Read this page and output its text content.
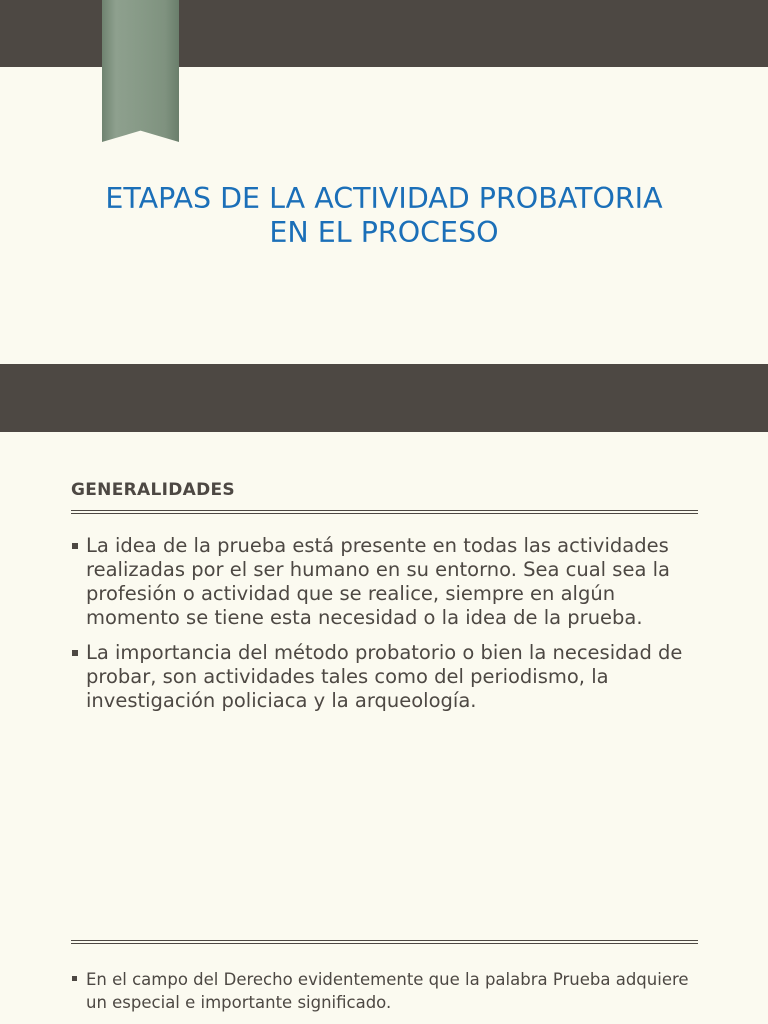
ETAPAS DE LA ACTIVIDAD PROBATORIA
EN EL PROCESO
GENERALIDADES
La idea de la prueba está presente en todas las actividades realizadas por el ser humano en su entorno. Sea cual sea la profesión o actividad que se realice, siempre en algún momento se tiene esta necesidad o la idea de la prueba.
La importancia del método probatorio o bien la necesidad de probar, son actividades tales como del periodismo, la investigación policiaca y la arqueología.

En el campo del Derecho evidentemente que la palabra Prueba adquiere un especial e importante significado.
